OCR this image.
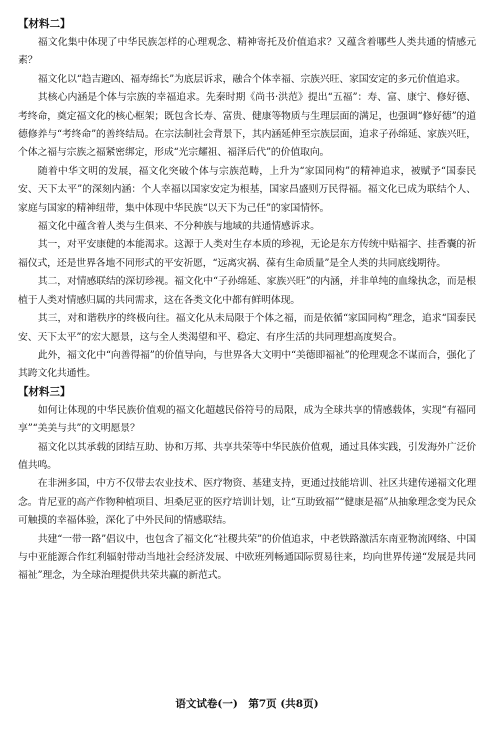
【材料二】

福文化集中体现了中华民族怎样的心理观念、精神寄托及价值追求？又蕴含着哪些人类共通的情感元素？

福文化以“趋吉避凶、福寿绵长”为底层诉求，融合个体幸福、宗族兴旺、家国安定的多元价值追求。

其核心内涵是个体与宗族的幸福追求。先秦时期《尚书·洪范》提出“五福”：寿、富、康宁、修好德、考终命，奠定福文化的核心框架；既包含长寿、富贵、健康等物质与生理层面的满足，也强调“修好德”的道德修养与“考终命”的善终结局。在宗法制社会背景下，其内涵延伸至宗族层面，追求子孙绵延、家族兴旺，个体之福与宗族之福紧密绑定，形成“光宗耀祖、福泽后代”的价值取向。

随着中华文明的发展，福文化突破个体与宗族范畴，上升为“家国同构”的精神追求，被赋予“国泰民安、天下太平”的深刻内涵：个人幸福以国家安定为根基，国家昌盛则万民得福。福文化已成为联结个人、家庭与国家的精神纽带，集中体现中华民族“以天下为己任”的家国情怀。

福文化中蕴含着人类与生俱来、不分种族与地域的共通情感诉求。

其一，对平安康健的本能渴求。这源于人类对生存本质的珍视，无论是东方传统中贴福字、挂香囊的祈福仪式，还是世界各地不同形式的平安祈愿，“远离灾祸、葆有生命质量”是全人类的共同底线期待。

其二，对情感联结的深切珍视。福文化中“子孙绵延、家族兴旺”的内涵，并非单纯的血缘执念，而是根植于人类对情感归属的共同需求，这在各类文化中都有鲜明体现。

其三，对和谐秩序的终极向往。福文化从未局限于个体之福，而是依循“家国同构”理念，追求“国泰民安、天下太平”的宏大愿景，这与全人类渴望和平、稳定、有序生活的共同理想高度契合。

此外，福文化中“向善得福”的价值导向，与世界各大文明中“美德即福祉”的伦理观念不谋而合，强化了其跨文化共通性。

【材料三】

如何让体现的中华民族价值观的福文化超越民俗符号的局限，成为全球共享的情感载体，实现“有福同享”“美美与共”的文明愿景？

福文化以其承载的团结互助、协和万邦、共享共荣等中华民族价值观，通过具体实践，引发海外广泛价值共鸣。

在非洲多国，中方不仅带去农业技术、医疗物资、基建支持，更通过技能培训、社区共建传递福文化理念。肯尼亚的高产作物种植项目、坦桑尼亚的医疗培训计划，让“互助致福”“健康是福”从抽象理念变为民众可触摸的幸福体验，深化了中外民间的情感联结。

共建“一带一路”倡议中，也包含了福文化“社稷共荣”的价值追求，中老铁路激活东南亚物流网络、中国与中亚能源合作红利辐射带动当地社会经济发展、中欧班列畅通国际贸易往来，均向世界传递“发展是共同福祉”理念，为全球治理提供共荣共赢的新范式。

语文试卷(一)　第7页 (共8页)
